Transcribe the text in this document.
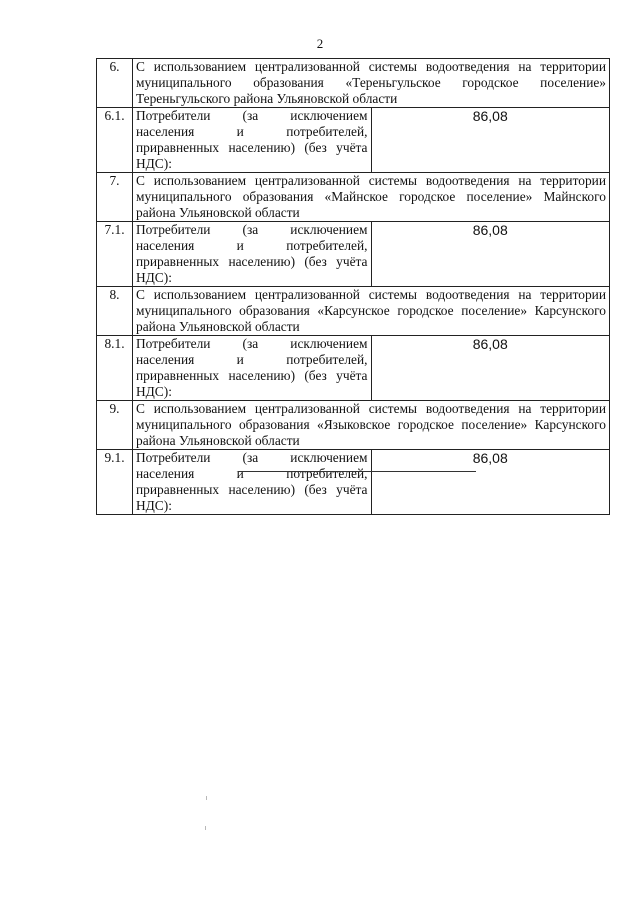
2
6.	С использованием централизованной системы водоотведения на территории муниципального образования «Тереньгульское городское поселение» Тереньгульского района Ульяновской области	
6.1.	Потребители (за исключением населения и потребителей, приравненных населению) (без учёта НДС):	86,08
7.	С использованием централизованной системы водоотведения на территории муниципального образования «Майнское городское поселение» Майнского района Ульяновской области	
7.1.	Потребители (за исключением населения и потребителей, приравненных населению) (без учёта НДС):	86,08
8.	С использованием централизованной системы водоотведения на территории муниципального образования «Карсунское городское поселение» Карсунского района Ульяновской области	
8.1.	Потребители (за исключением населения и потребителей, приравненных населению) (без учёта НДС):	86,08
9.	С использованием централизованной системы водоотведения на территории муниципального образования «Языковское городское поселение» Карсунского района Ульяновской области	
9.1.	Потребители (за исключением населения и потребителей, приравненных населению) (без учёта НДС):	86,08
